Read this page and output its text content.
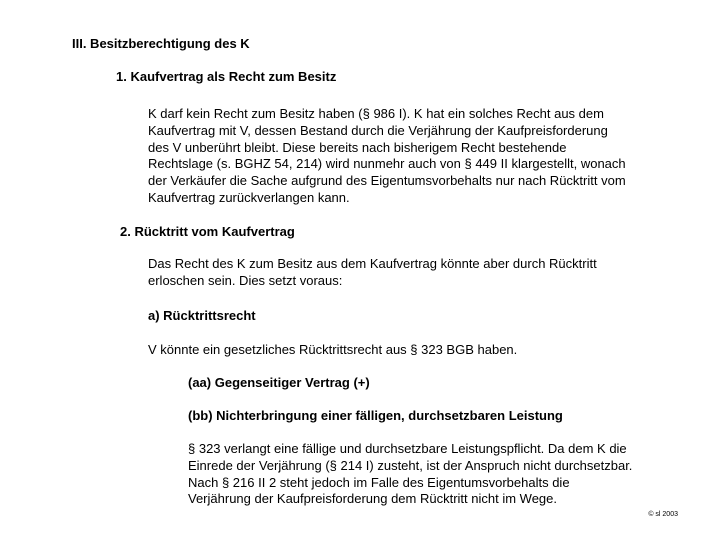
III. Besitzberechtigung des K
1. Kaufvertrag als Recht zum Besitz
K darf kein Recht zum Besitz haben (§ 986 I). K hat ein solches Recht aus dem
Kaufvertrag mit V, dessen Bestand durch die Verjährung der Kaufpreisforderung
des V unberührt bleibt. Diese bereits nach bisherigem Recht bestehende
Rechtslage (s. BGHZ 54, 214) wird nunmehr auch von § 449 II klargestellt, wonach
der Verkäufer die Sache aufgrund des Eigentumsvorbehalts nur nach Rücktritt vom
Kaufvertrag zurückverlangen kann.
2. Rücktritt vom Kaufvertrag
Das Recht des K zum Besitz aus dem Kaufvertrag könnte aber durch Rücktritt
erloschen sein. Dies setzt voraus:
a) Rücktrittsrecht
V könnte ein gesetzliches Rücktrittsrecht aus § 323 BGB haben.
(aa) Gegenseitiger Vertrag (+)
(bb) Nichterbringung einer fälligen, durchsetzbaren Leistung
§ 323 verlangt eine fällige und durchsetzbare Leistungspflicht. Da dem K die
Einrede der Verjährung (§ 214 I) zusteht, ist der Anspruch nicht durchsetzbar.
Nach § 216 II 2 steht jedoch im Falle des Eigentumsvorbehalts die
Verjährung der Kaufpreisforderung dem Rücktritt nicht im Wege.
© sl 2003
